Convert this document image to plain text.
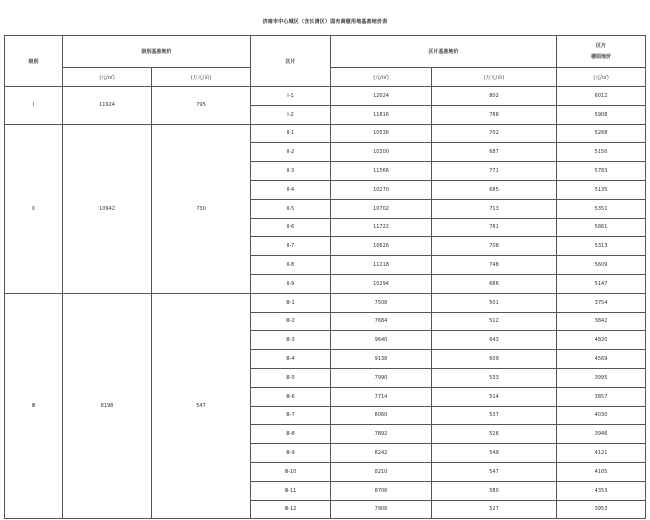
济南市中心城区（含长清区）国有商服用地基准地价表
级别	级别基准地价		区片	区片基准地价		区片
楼面地价

	(元/㎡)	(万元/亩)		(元/㎡)	(万元/亩)	(元/㎡)
Ⅰ	11924	795	Ⅰ-1	12024	802	6012
			Ⅰ-2	11816	788	5908
Ⅱ	10942	730	Ⅱ-1	10536	702	5268
			Ⅱ-2	10300	687	5150
			Ⅱ-3	11566	771	5783
			Ⅱ-4	10270	685	5135
			Ⅱ-5	10702	713	5351
			Ⅱ-6	11722	781	5861
			Ⅱ-7	10626	708	5313
			Ⅱ-8	11218	748	5609
			Ⅱ-9	10294	686	5147
Ⅲ	8198	547	Ⅲ-1	7508	501	3754
			Ⅲ-2	7684	512	3842
			Ⅲ-3	9640	643	4820
			Ⅲ-4	9138	609	4569
			Ⅲ-5	7990	533	3995
			Ⅲ-6	7714	514	3857
			Ⅲ-7	8060	537	4030
			Ⅲ-8	7892	526	3946
			Ⅲ-9	8242	549	4121
			Ⅲ-10	8210	547	4105
			Ⅲ-11	8706	580	4353
			Ⅲ-12	7906	527	3953
